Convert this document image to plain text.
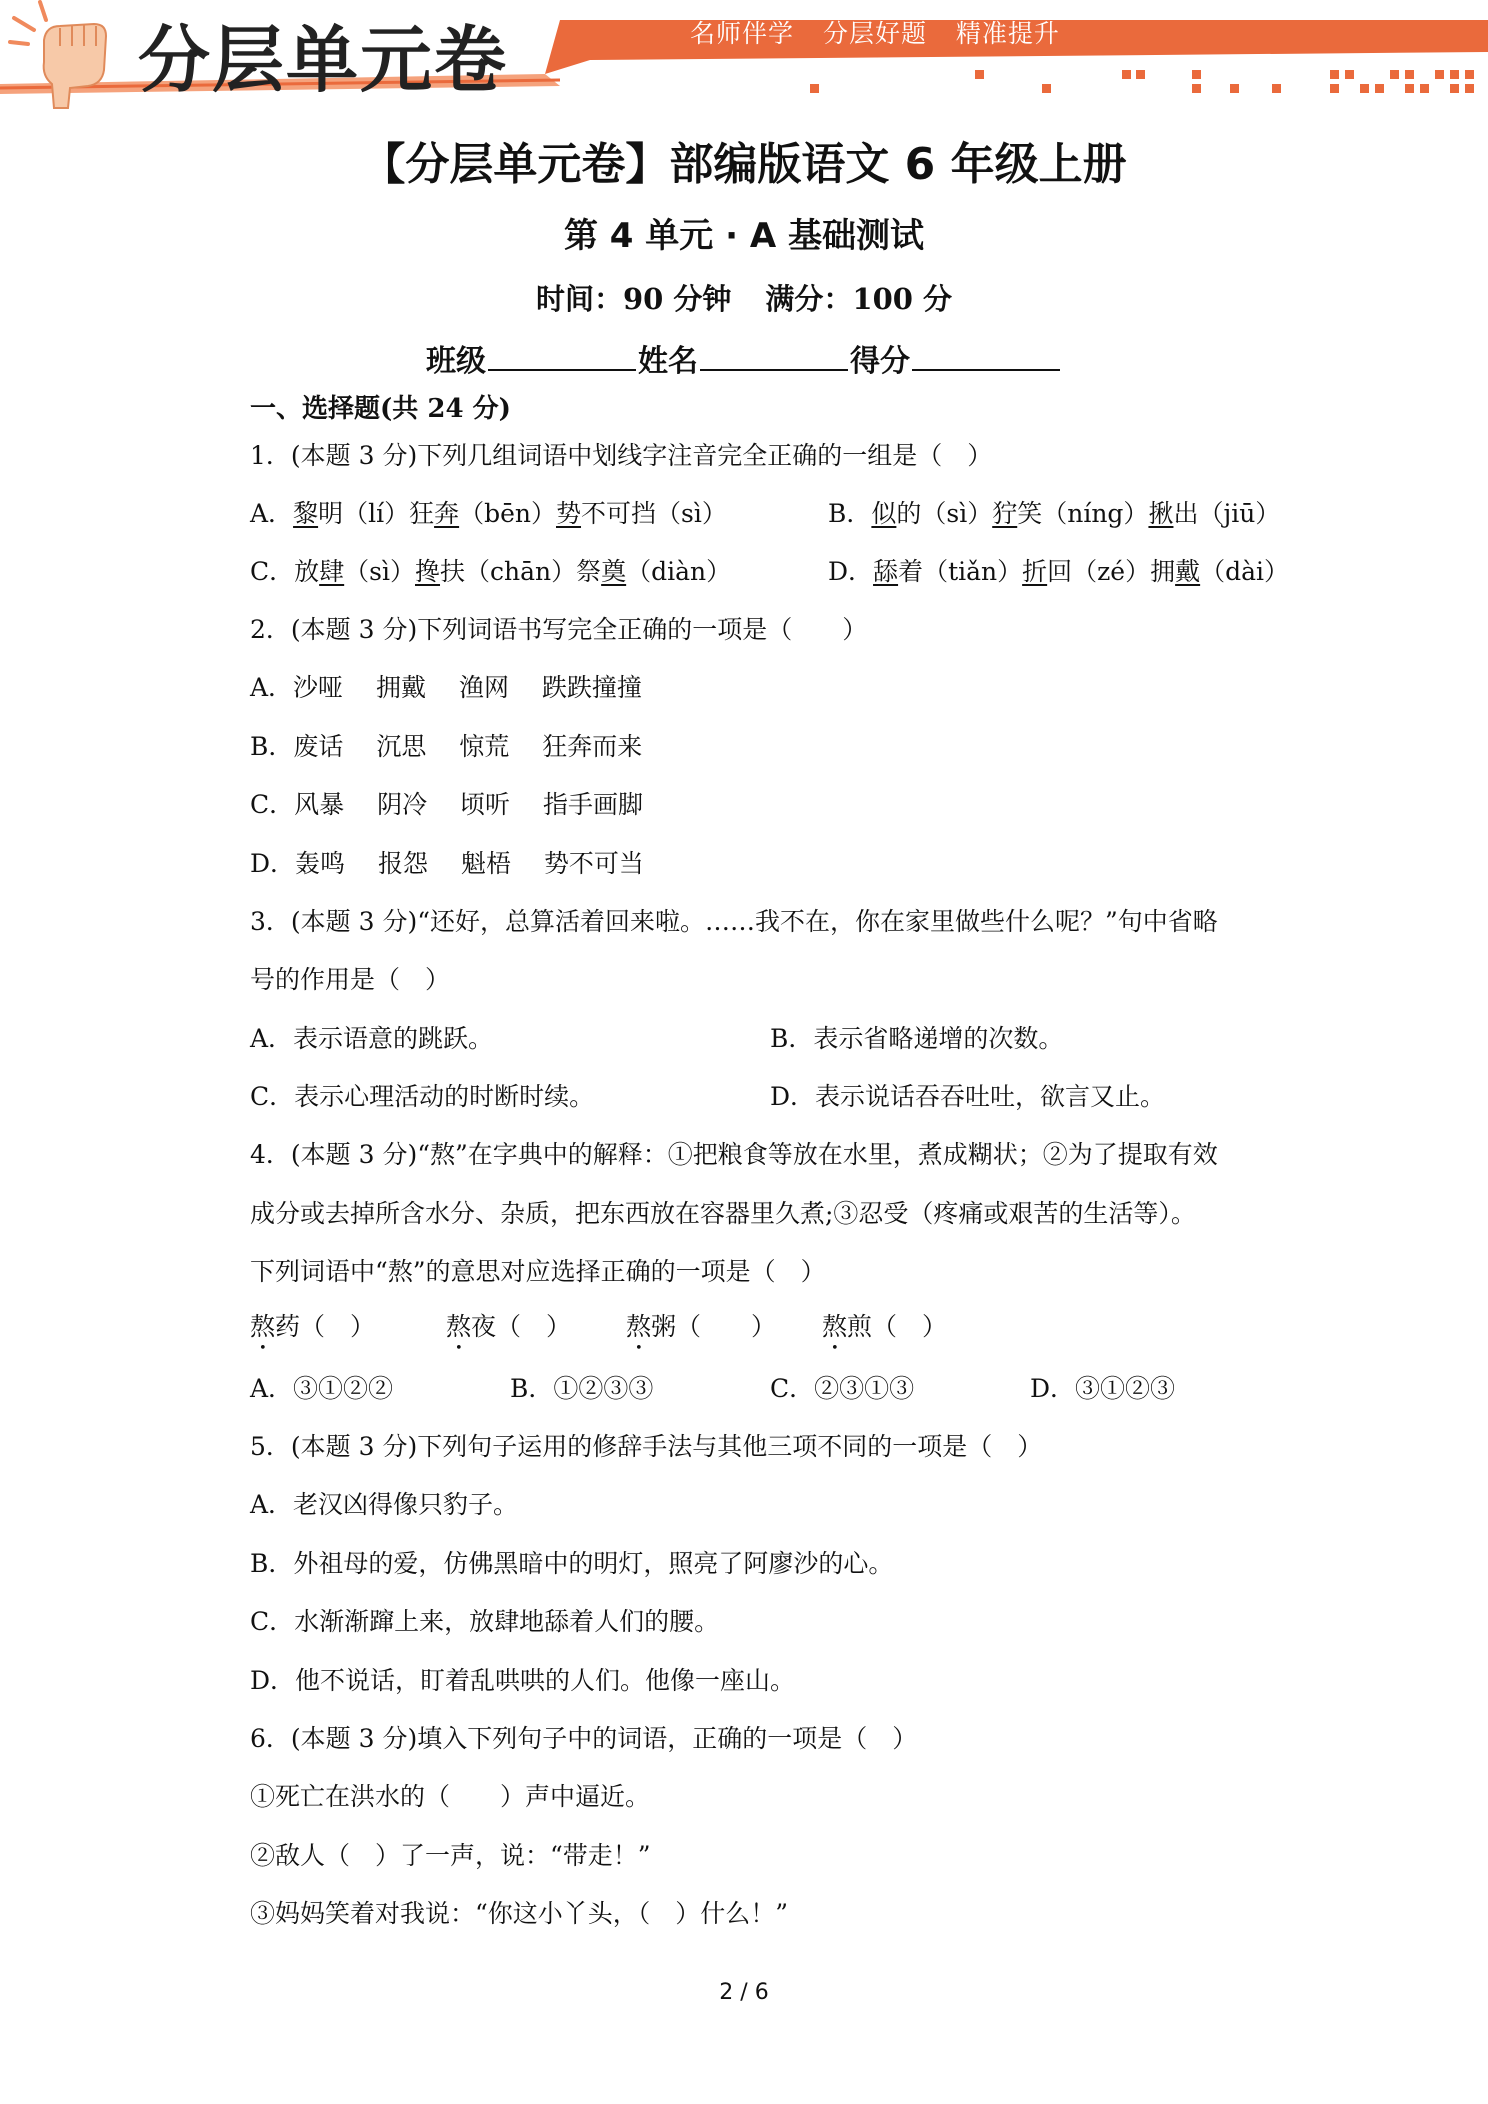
分层单元卷	名师伴学 分层好题 精准提升
【分层单元卷】部编版语文 6 年级上册
第 4 单元 · A 基础测试
时间：90 分钟 满分：100 分
班级	姓名	得分
一、选择题(共 24 分)
1．(本题 3 分)下列几组词语中划线字注音完全正确的一组是（　）
A．黎明（lí）狂奔（bēn）势不可挡（sì）	B．似的（sì）狞笑（níng）揪出（jiū）
C．放肆（sì）搀扶（chān）祭奠（diàn）	D．舔着（tiǎn）折回（zé）拥戴（dài）
2．(本题 3 分)下列词语书写完全正确的一项是（　　）
A．沙哑　 拥戴　 渔网　 跌跌撞撞
B．废话　 沉思　 惊荒　 狂奔而来
C．风暴　 阴冷　 顷听　 指手画脚
D．轰鸣　 报怨　 魁梧　 势不可当
3．(本题 3 分)“还好，总算活着回来啦。……我不在，你在家里做些什么呢？”句中省略
号的作用是（　）
A．表示语意的跳跃。	B．表示省略递增的次数。
C．表示心理活动的时断时续。	D．表示说话吞吞吐吐，欲言又止。
4．(本题 3 分)“熬”在字典中的解释：①把粮食等放在水里，煮成糊状；②为了提取有效
成分或去掉所含水分、杂质，把东西放在容器里久煮;③忍受（疼痛或艰苦的生活等）。
下列词语中“熬”的意思对应选择正确的一项是（　）
熬药（　）	熬夜（　） 熬粥（　　） 熬煎（　）
A．③①②②	B．①②③③	C．②③①③	D．③①②③
5．(本题 3 分)下列句子运用的修辞手法与其他三项不同的一项是（　）
A．老汉凶得像只豹子。
B．外祖母的爱，仿佛黑暗中的明灯，照亮了阿廖沙的心。
C．水渐渐蹿上来，放肆地舔着人们的腰。
D．他不说话，盯着乱哄哄的人们。他像一座山。
6．(本题 3 分)填入下列句子中的词语，正确的一项是（　）
①死亡在洪水的（　　）声中逼近。
②敌人（　）了一声，说：“带走！”
③妈妈笑着对我说：“你这小丫头，（　）什么！”
2 / 6
